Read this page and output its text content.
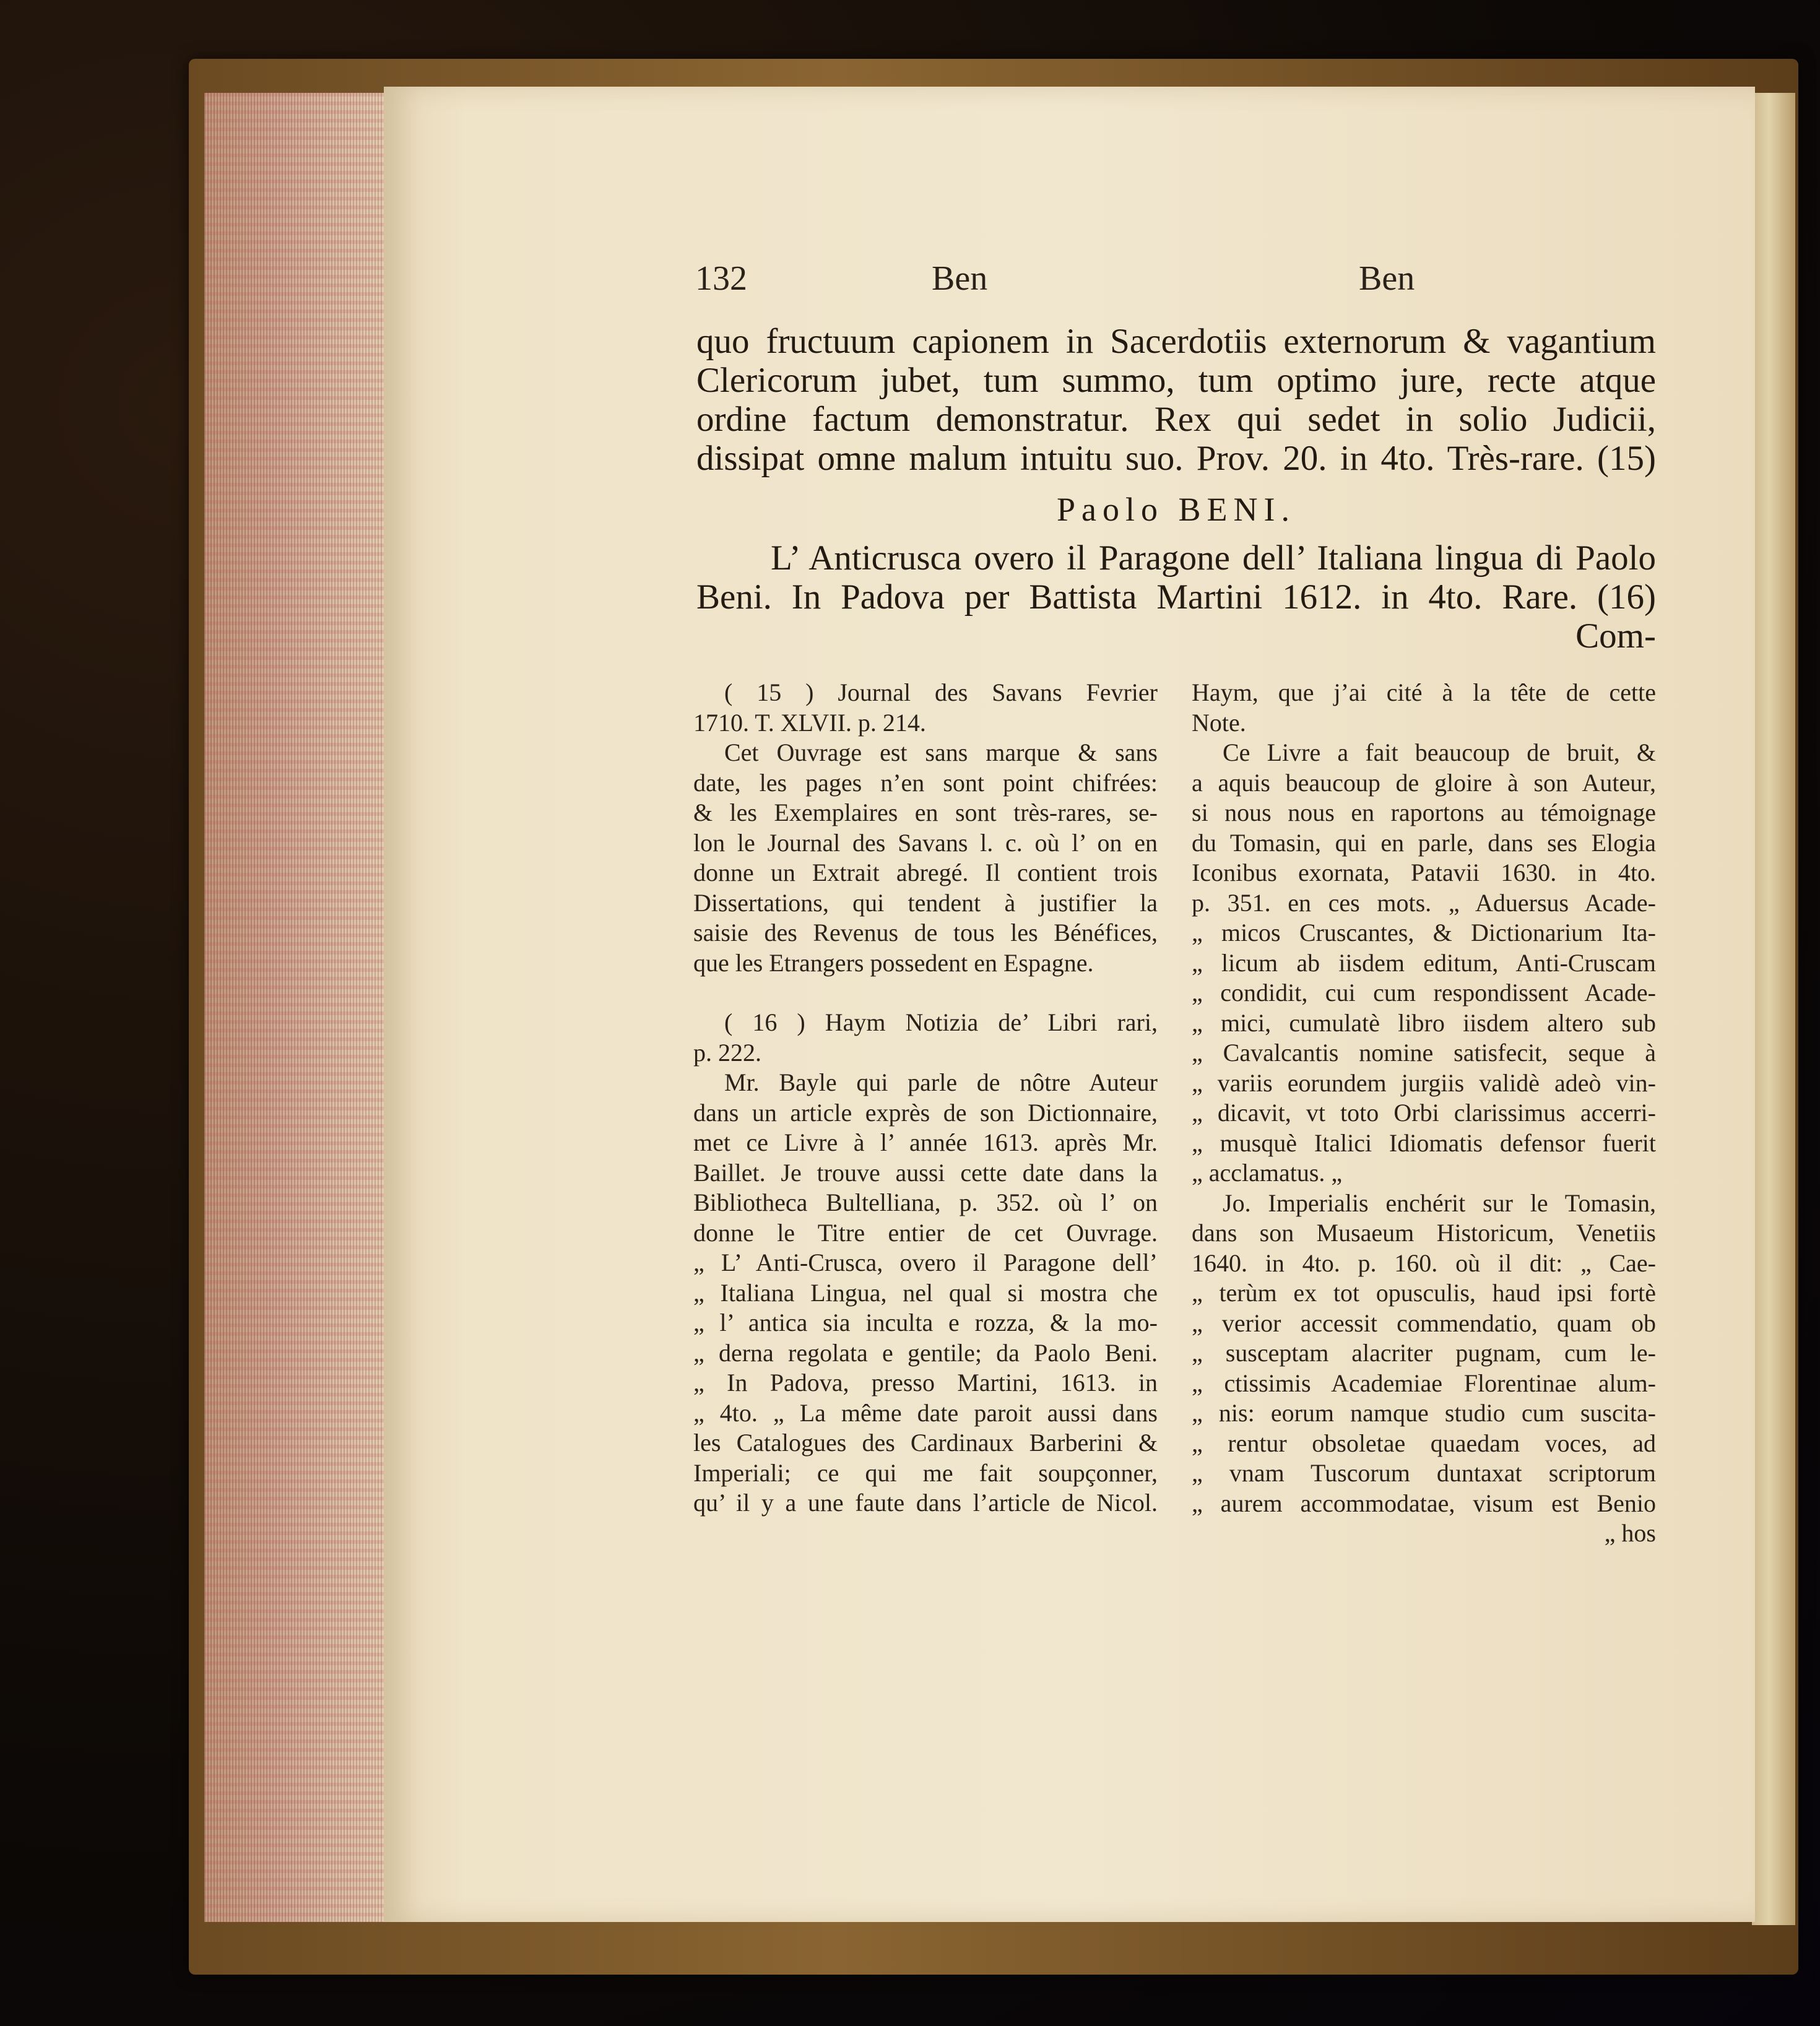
132	Ben	Ben
quo fructuum capionem in Sacerdotiis externorum & vagantium
Clericorum jubet, tum summo, tum optimo jure, recte atque
ordine factum demonstratur. Rex qui sedet in solio Judicii,
dissipat omne malum intuitu suo. Prov. 20. in 4to. Très-rare. (15)
Paolo BENI.
L’ Anticrusca overo il Paragone dell’ Italiana lingua di Paolo
Beni. In Padova per Battista Martini 1612. in 4to. Rare. (16)
Com-
( 15 ) Journal des Savans Fevrier
1710. T. XLVII. p. 214.
Cet Ouvrage est sans marque & sans
date, les pages n’en sont point chifrées:
& les Exemplaires en sont très-rares, se-
lon le Journal des Savans l. c. où l’ on en
donne un Extrait abregé. Il contient trois
Dissertations, qui tendent à justifier la
saisie des Revenus de tous les Bénéfices,
que les Etrangers possedent en Espagne.
( 16 ) Haym Notizia de’ Libri rari,
p. 222.
Mr. Bayle qui parle de nôtre Auteur
dans un article exprès de son Dictionnaire,
met ce Livre à l’ année 1613. après Mr.
Baillet. Je trouve aussi cette date dans la
Bibliotheca Bultelliana, p. 352. où l’ on
donne le Titre entier de cet Ouvrage.
„ L’ Anti-Crusca, overo il Paragone dell’
„ Italiana Lingua, nel qual si mostra che
„ l’ antica sia inculta e rozza, & la mo-
„ derna regolata e gentile; da Paolo Beni.
„ In Padova, presso Martini, 1613. in
„ 4to. „ La même date paroit aussi dans
les Catalogues des Cardinaux Barberini &
Imperiali; ce qui me fait soupçonner,
qu’ il y a une faute dans l’article de Nicol.
Haym, que j’ai cité à la tête de cette
Note.
Ce Livre a fait beaucoup de bruit, &
a aquis beaucoup de gloire à son Auteur,
si nous nous en raportons au témoignage
du Tomasin, qui en parle, dans ses Elogia
Iconibus exornata, Patavii 1630. in 4to.
p. 351. en ces mots. „ Aduersus Acade-
„ micos Cruscantes, & Dictionarium Ita-
„ licum ab iisdem editum, Anti-Cruscam
„ condidit, cui cum respondissent Acade-
„ mici, cumulatè libro iisdem altero sub
„ Cavalcantis nomine satisfecit, seque à
„ variis eorundem jurgiis validè adeò vin-
„ dicavit, vt toto Orbi clarissimus accerri-
„ musquè Italici Idiomatis defensor fuerit
„ acclamatus. „
Jo. Imperialis enchérit sur le Tomasin,
dans son Musaeum Historicum, Venetiis
1640. in 4to. p. 160. où il dit: „ Cae-
„ terùm ex tot opusculis, haud ipsi fortè
„ verior accessit commendatio, quam ob
„ susceptam alacriter pugnam, cum le-
„ ctissimis Academiae Florentinae alum-
„ nis: eorum namque studio cum suscita-
„ rentur obsoletae quaedam voces, ad
„ vnam Tuscorum duntaxat scriptorum
„ aurem accommodatae, visum est Benio
„ hos
